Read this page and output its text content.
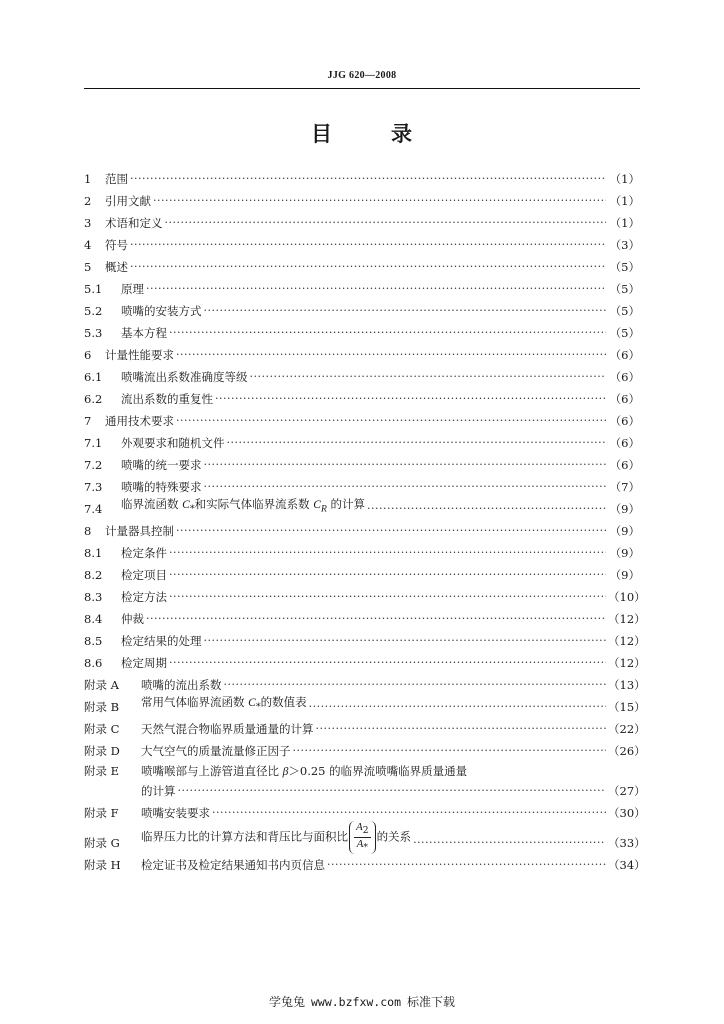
JJG 620—2008
目	录
1	范围 ·····	（1）
2	引用文献 ·····	（1）
3	术语和定义 ·····	（1）
4	符号 ·····	（3）
5	概述 ·····	（5）
5.1	原理 ·····	（5）
5.2	喷嘴的安装方式 ·····	（5）
5.3	基本方程 ·····	（5）
6	计量性能要求 ·····	（6）
6.1	喷嘴流出系数准确度等级 ·····	（6）
6.2	流出系数的重复性 ·····	（6）
7	通用技术要求 ·····	（6）
7.1	外观要求和随机文件 ·····	（6）
7.2	喷嘴的统一要求 ·····	（6）
7.3	喷嘴的特殊要求 ·····	（7）
7.4	临界流函数 $C_*$和实际气体临界流系数 $C_R$ 的计算 ·····	（9）
8	计量器具控制 ·····	（9）
8.1	检定条件 ·····	（9）
8.2	检定项目 ·····	（9）
8.3	检定方法 ·····	（10）
8.4	仲裁 ·····	（12）
8.5	检定结果的处理 ·····	（12）
8.6	检定周期 ·····	（12）
附录 A	喷嘴的流出系数 ·····	（13）
附录 B	常用气体临界流函数 $C_*$的数值表 ·····	（15）
附录 C	天然气混合物临界质量通量的计算 ·····	（22）
附录 D	大气空气的质量流量修正因子 ·····	（26）
附录 E	喷嘴喉部与上游管道直径比 β＞0.25 的临界流喷嘴临界质量通量
的计算 ·····	（27）
附录 F	喷嘴安装要求 ·····	（30）
附录 G	临界压力比的计算方法和背压比与面积比 $\frac{A_2}{A_*}$ 的关系 ·····	（33）
附录 H	检定证书及检定结果通知书内页信息 ·····	（34）
学兔兔 www.bzfxw.com 标准下载
